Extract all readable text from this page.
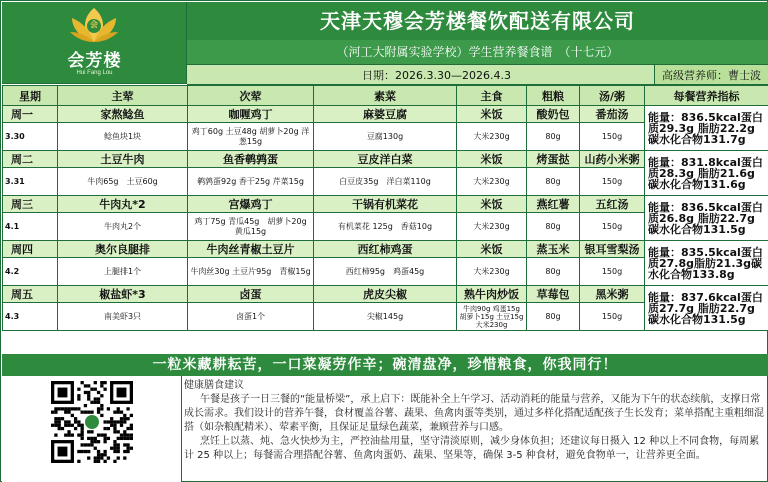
会
会芳楼
Hui Fang Lou
天津天穆会芳楼餐饮配送有限公司
（河工大附属实验学校）学生营养餐食谱　（十七元）
日期：2026.3.30—2026.4.3	高级营养师：曹士波
星期	主荤	次荤	素菜	主食	粗粮	汤/粥	每餐营养指标
周一	家熬鲶鱼	咖喱鸡丁	麻婆豆腐	米饭	酸奶包	番茄汤	能量：836.5kcal蛋白质29.3g 脂肪22.2g碳水化合物131.7g
3.30	鲶鱼块1块	鸡丁60g 土豆48g 胡萝卜20g 洋葱15g	豆腐130g	大米230g	80g	150g	
周二	土豆牛肉	鱼香鹌鹑蛋	豆皮洋白菜	米饭	烤蛋挞	山药小米粥	能量：831.8kcal蛋白质28.3g 脂肪21.6g碳水化合物131.6g
3.31	牛肉65g　土豆60g	鹌鹑蛋92g 香干25g 芹菜15g	白豆皮35g　洋白菜110g	大米230g	80g	150g	
周三	牛肉丸*2	宫爆鸡丁	干锅有机菜花	米饭	燕红薯	五红汤	能量：836.5kcal蛋白质26.8g 脂肪22.7g碳水化合物131.5g
4.1	牛肉丸2个	鸡丁75g 青瓜45g　胡萝卜20g 黄瓜15g	有机菜花 125g　香菇10g	大米230g	80g	150g	
周四	奥尔良腿排	牛肉丝青椒土豆片	西红柿鸡蛋	米饭	蒸玉米	银耳雪梨汤	能量：835.5kcal蛋白质27.8g脂肪21.3g碳水化合物133.8g
4.2	上腿排1个	牛肉丝30g 土豆片95g　青椒15g	西红柿95g　鸡蛋45g	大米230g	80g	150g	
周五	椒盐虾*3	卤蛋	虎皮尖椒	熟牛肉炒饭	草莓包	黑米粥	能量：837.6kcal蛋白质27.7g 脂肪22.7g碳水化合物131.5g
4.3	南美虾3只	卤蛋1个	尖椒145g	牛肉90g 鸡蛋15g 胡萝卜15g 土豆15g 大米230g	80g	150g	
一粒米藏耕耘苦，一口菜凝劳作辛；碗清盘净，珍惜粮食，你我同行！
健康膳食建议

午餐是孩子一日三餐的“能量桥梁”，承上启下：既能补全上午学习、活动消耗的能量与营养，又能为下午的状态续航，支撑日常成长需求。我们设计的营养午餐，食材覆盖谷薯、蔬果、鱼禽肉蛋等类别，通过多样化搭配适配孩子生长发育；菜单搭配主重粗细混搭（如杂粮配精米）、荤素平衡，且保证足量绿色蔬菜，兼顾营养与口感。

烹饪上以蒸、炖、急火快炒为主，严控油盐用量，坚守清淡原则，减少身体负担；还建议每日摄入 12 种以上不同食物，每周累计 25 种以上；每餐需合理搭配谷薯、鱼禽肉蛋奶、蔬果、坚果等，确保 3-5 种食材，避免食物单一，让营养更全面。
